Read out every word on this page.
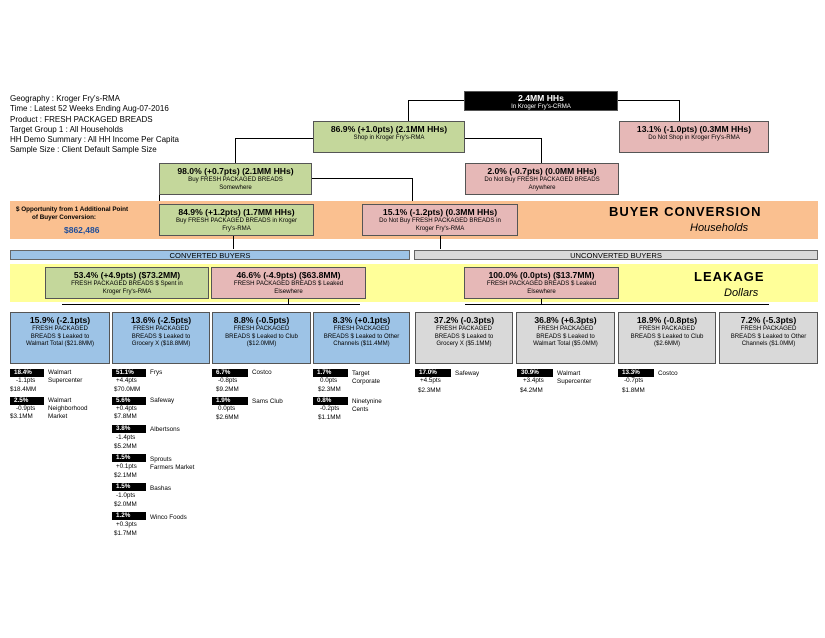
Geography : Kroger Fry's-RMA
Time : Latest 52 Weeks Ending Aug-07-2016
Product : FRESH PACKAGED BREADS
Target Group 1 : All Households
HH Demo Summary : All HH Income Per Capita
Sample Size : Client Default Sample Size
$ Opportunity from 1 Additional Point
of Buyer Conversion:
$862,486
BUYER CONVERSION
Households
2.4MM HHs
In Kroger Fry's-CRMA
86.9% (+1.0pts) (2.1MM HHs)
Shop in Kroger Fry's-RMA
13.1% (-1.0pts) (0.3MM HHs)
Do Not Shop in Kroger Fry's-RMA
98.0% (+0.7pts) (2.1MM HHs)
Buy FRESH PACKAGED BREADS
Somewhere
2.0% (-0.7pts) (0.0MM HHs)
Do Not Buy FRESH PACKAGED BREADS
Anywhere
84.9% (+1.2pts) (1.7MM HHs)
Buy FRESH PACKAGED BREADS in Kroger
Fry's-RMA
15.1% (-1.2pts) (0.3MM HHs)
Do Not Buy FRESH PACKAGED BREADS in
Kroger Fry's-RMA
CONVERTED BUYERS	UNCONVERTED BUYERS
LEAKAGE
Dollars
53.4% (+4.9pts) ($73.2MM)
FRESH PACKAGED BREADS $ Spent in
Kroger Fry's-RMA
46.6% (-4.9pts) ($63.8MM)
FRESH PACKAGED BREADS $ Leaked
Elsewhere
100.0% (0.0pts) ($13.7MM)
FRESH PACKAGED BREADS $ Leaked
Elsewhere
15.9% (-2.1pts)
FRESH PACKAGED
BREADS $ Leaked to
Walmart Total ($21.8MM)
13.6% (-2.5pts)
FRESH PACKAGED
BREADS $ Leaked to
Grocery X ($18.8MM)
8.8% (-0.5pts)
FRESH PACKAGED
BREADS $ Leaked to Club
($12.0MM)
8.3% (+0.1pts)
FRESH PACKAGED
BREADS $ Leaked to Other
Channels ($11.4MM)
37.2% (-0.3pts)
FRESH PACKAGED
BREADS $ Leaked to
Grocery X ($5.1MM)
36.8% (+6.3pts)
FRESH PACKAGED
BREADS $ Leaked to
Walmart Total ($5.0MM)
18.9% (-0.8pts)
FRESH PACKAGED
BREADS $ Leaked to Club
($2.6MM)
7.2% (-5.3pts)
FRESH PACKAGED
BREADS $ Leaked to Other
Channels ($1.0MM)
18.4%	Walmart
Supercenter
-1.1pts
$18.4MM
2.5%	Walmart
Neighborhood
Market
-0.9pts
$3.1MM
51.1%	Frys
+4.4pts
$70.0MM
5.6%	Safeway
+0.4pts
$7.8MM
3.8%	Albertsons
-1.4pts
$5.2MM
1.5%	Sprouts
Farmers Market
+0.1pts
$2.1MM
1.5%	Bashas
-1.0pts
$2.0MM
1.2%	Winco Foods
+0.3pts
$1.7MM
6.7%	Costco
-0.8pts
$9.2MM
1.9%	Sams Club
0.0pts
$2.6MM
1.7%	Target
Corporate
0.0pts
$2.3MM
0.8%	Ninetynine
Cents
-0.2pts
$1.1MM
17.0%	Safeway
+4.5pts
$2.3MM
30.9%	Walmart
Supercenter
+3.4pts
$4.2MM
13.3%	Costco
-0.7pts
$1.8MM
